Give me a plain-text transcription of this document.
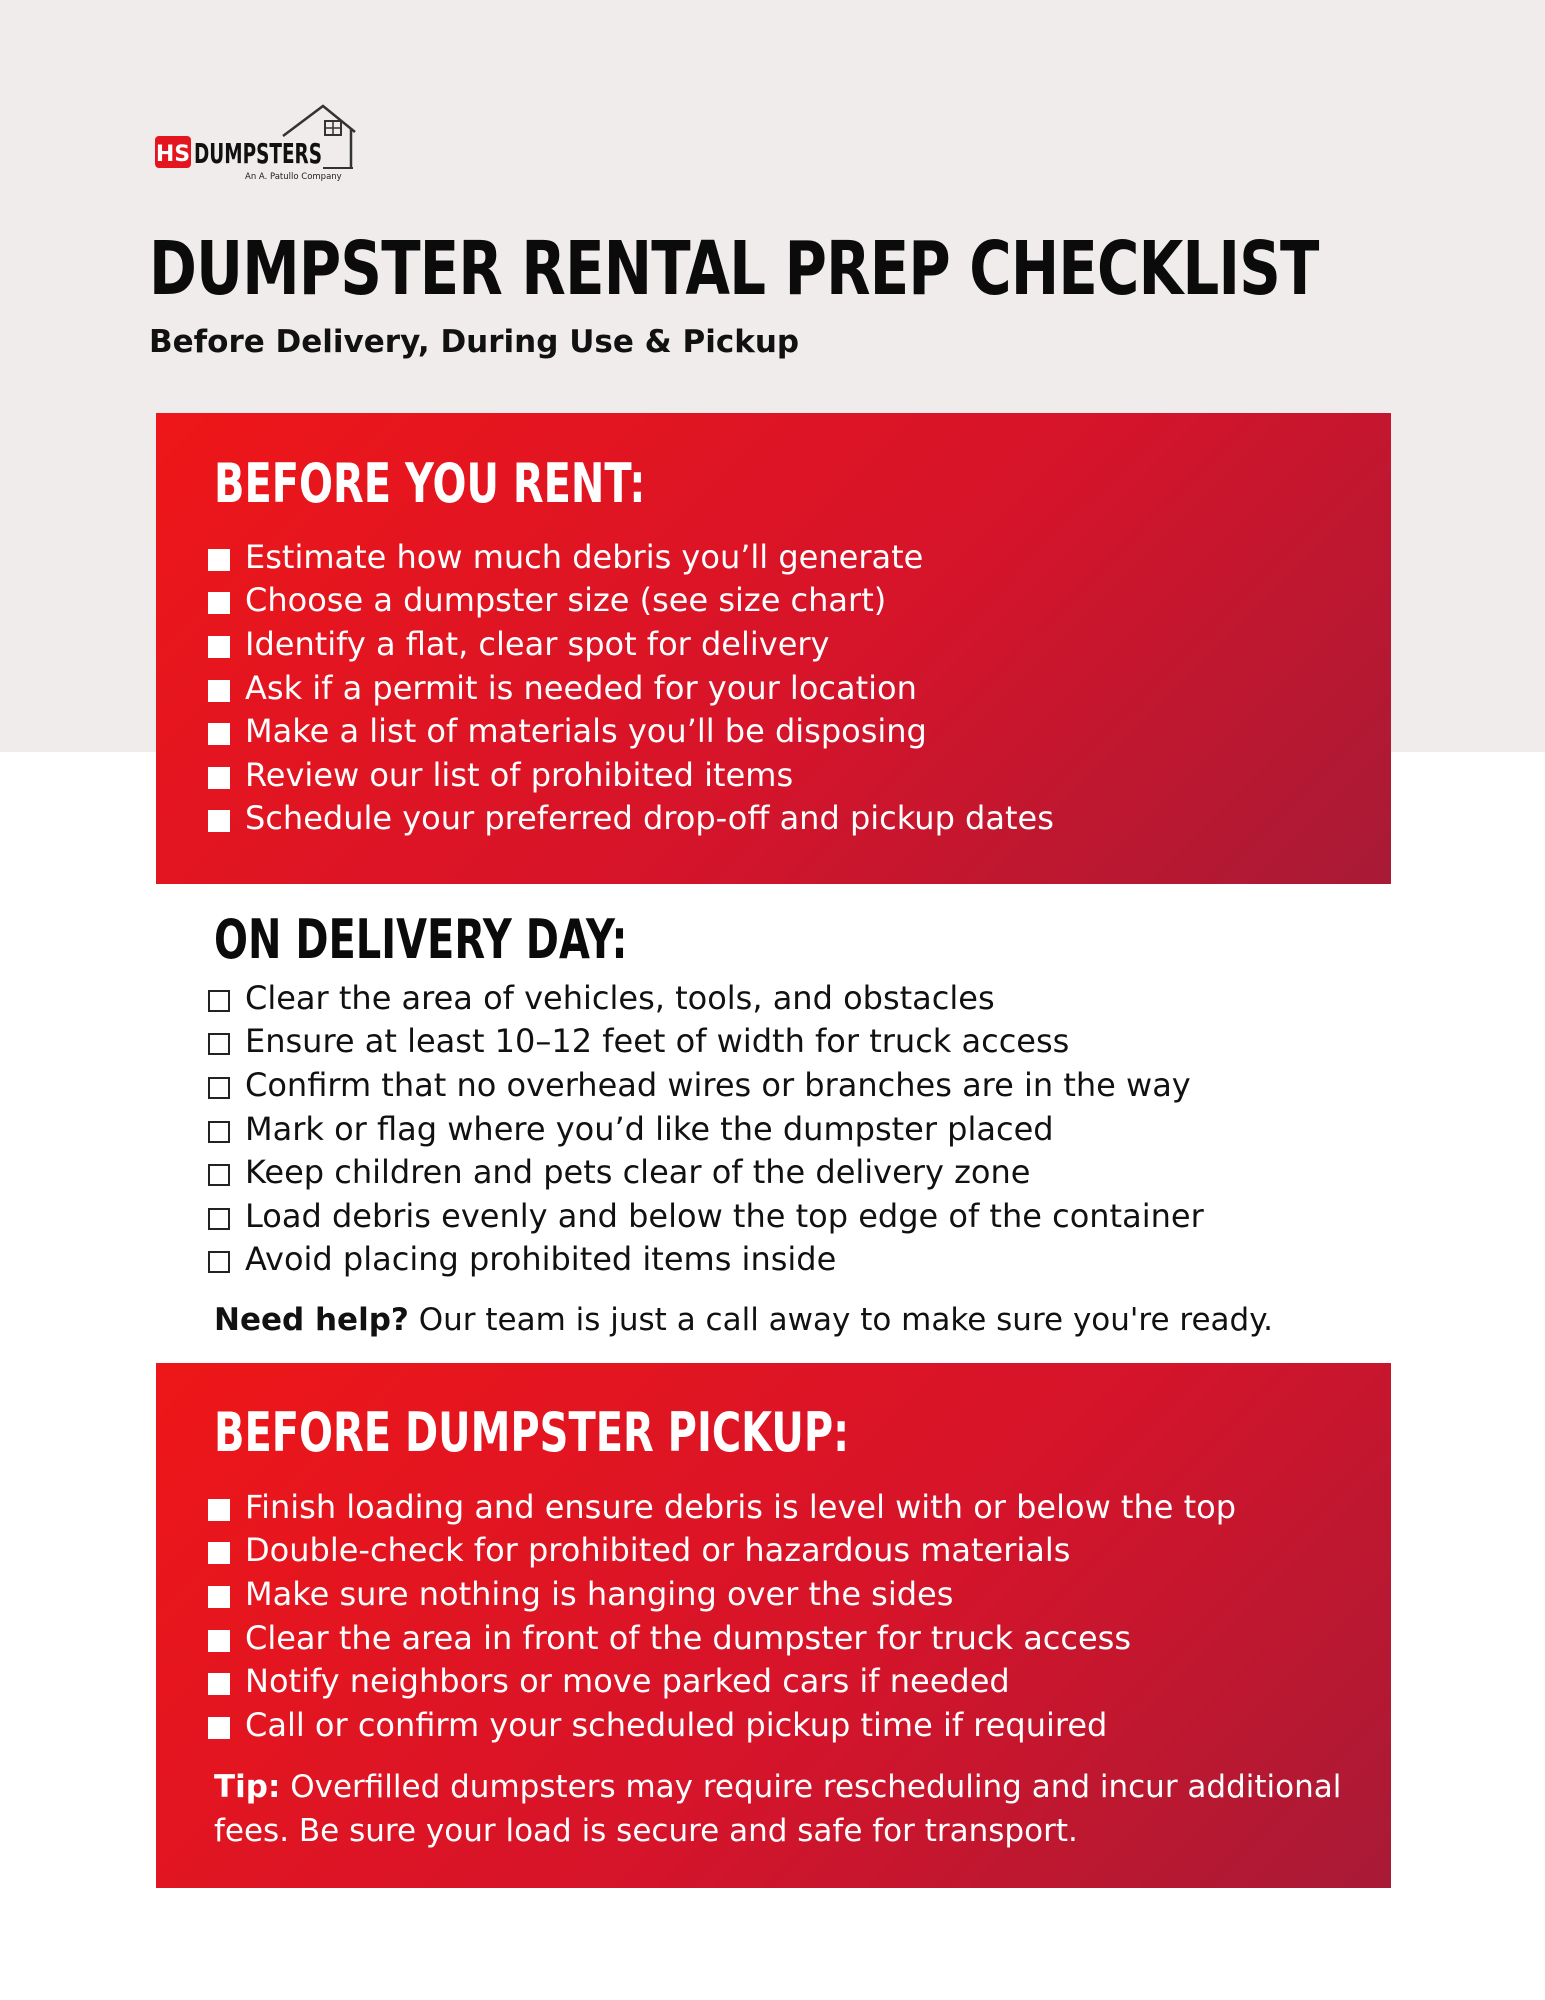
HS DUMPSTERS
An A. Patullo Company
DUMPSTER RENTAL PREP CHECKLIST

Before Delivery, During Use & Pickup

BEFORE YOU RENT:
Estimate how much debris you’ll generate
Choose a dumpster size (see size chart)
Identify a flat, clear spot for delivery
Ask if a permit is needed for your location
Make a list of materials you’ll be disposing
Review our list of prohibited items
Schedule your preferred drop-off and pickup dates
ON DELIVERY DAY:
Clear the area of vehicles, tools, and obstacles
Ensure at least 10–12 feet of width for truck access
Confirm that no overhead wires or branches are in the way
Mark or flag where you’d like the dumpster placed
Keep children and pets clear of the delivery zone
Load debris evenly and below the top edge of the container
Avoid placing prohibited items inside

Need help? Our team is just a call away to make sure you're ready.

BEFORE DUMPSTER PICKUP:
Finish loading and ensure debris is level with or below the top
Double-check for prohibited or hazardous materials
Make sure nothing is hanging over the sides
Clear the area in front of the dumpster for truck access
Notify neighbors or move parked cars if needed
Call or confirm your scheduled pickup time if required

Tip: Overfilled dumpsters may require rescheduling and incur additional fees. Be sure your load is secure and safe for transport.
